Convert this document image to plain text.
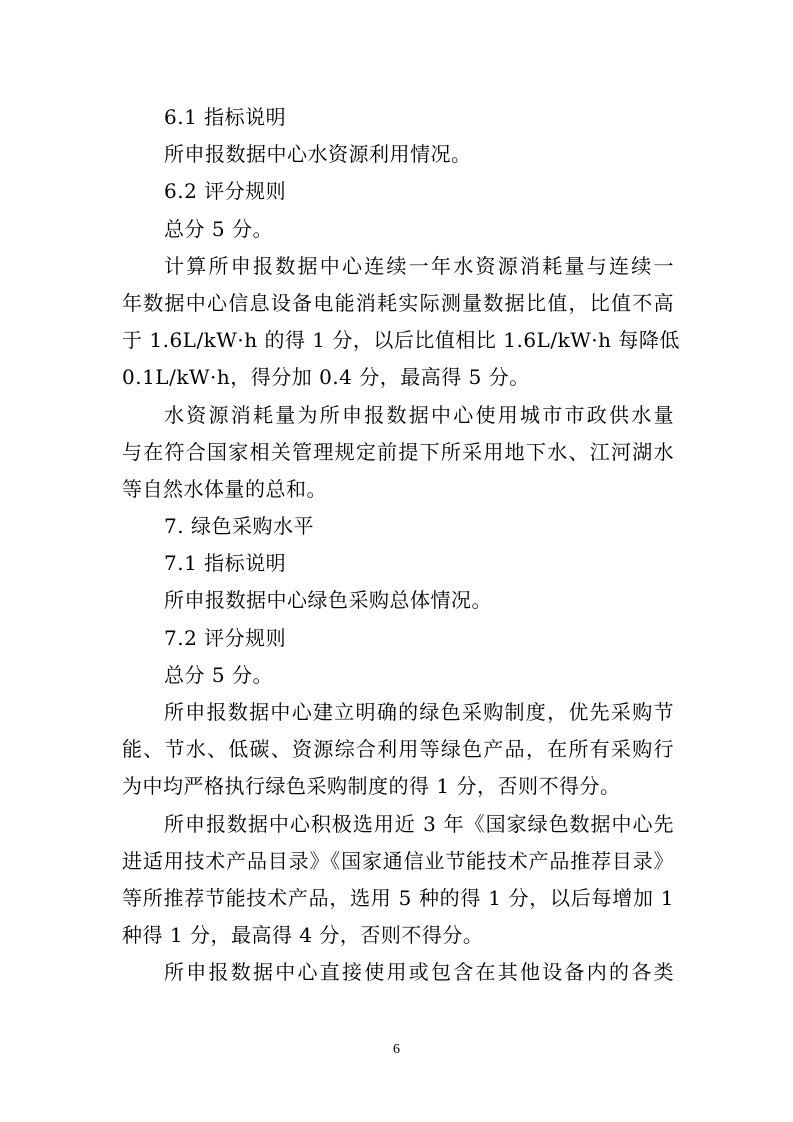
6.1 指标说明
所申报数据中心水资源利用情况。
6.2 评分规则
总分 5 分。
计算所申报数据中心连续一年水资源消耗量与连续一
年数据中心信息设备电能消耗实际测量数据比值，比值不高
于 1.6L/kW·h 的得 1 分，以后比值相比 1.6L/kW·h 每降低
0.1L/kW·h，得分加 0.4 分，最高得 5 分。
水资源消耗量为所申报数据中心使用城市市政供水量
与在符合国家相关管理规定前提下所采用地下水、江河湖水
等自然水体量的总和。
7. 绿色采购水平
7.1 指标说明
所申报数据中心绿色采购总体情况。
7.2 评分规则
总分 5 分。
所申报数据中心建立明确的绿色采购制度，优先采购节
能、节水、低碳、资源综合利用等绿色产品，在所有采购行
为中均严格执行绿色采购制度的得 1 分，否则不得分。
所申报数据中心积极选用近 3 年《国家绿色数据中心先
进适用技术产品目录》《国家通信业节能技术产品推荐目录》
等所推荐节能技术产品，选用 5 种的得 1 分，以后每增加 1
种得 1 分，最高得 4 分，否则不得分。
所申报数据中心直接使用或包含在其他设备内的各类
6
